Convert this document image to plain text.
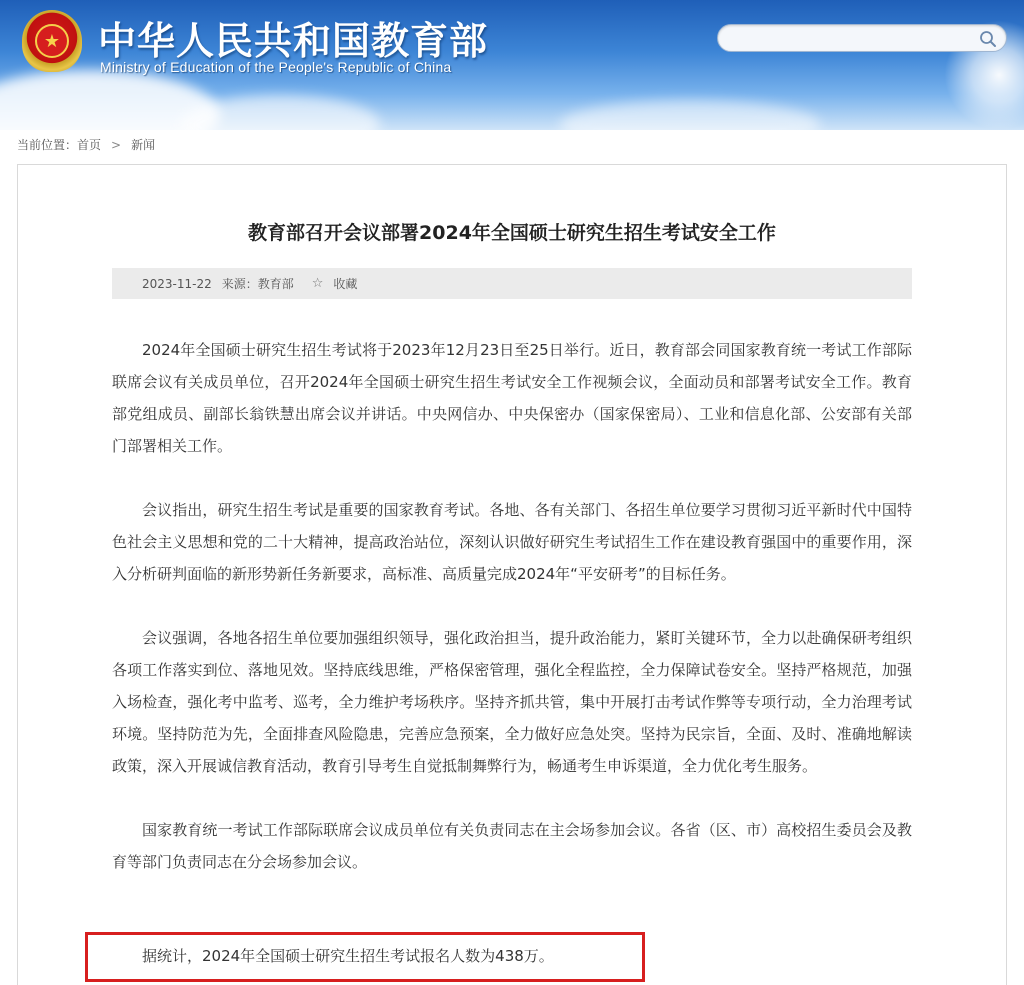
★ 中华人民共和国教育部
Ministry of Education of the People's Republic of China
当前位置： 首页 > 新闻
教育部召开会议部署2024年全国硕士研究生招生考试安全工作
2023-11-22 来源：教育部 ☆ 收藏

2024年全国硕士研究生招生考试将于2023年12月23日至25日举行。近日，教育部会同国家教育统一考试工作部际联席会议有关成员单位，召开2024年全国硕士研究生招生考试安全工作视频会议，全面动员和部署考试安全工作。教育部党组成员、副部长翁铁慧出席会议并讲话。中央网信办、中央保密办（国家保密局）、工业和信息化部、公安部有关部门部署相关工作。

会议指出，研究生招生考试是重要的国家教育考试。各地、各有关部门、各招生单位要学习贯彻习近平新时代中国特色社会主义思想和党的二十大精神，提高政治站位，深刻认识做好研究生考试招生工作在建设教育强国中的重要作用，深入分析研判面临的新形势新任务新要求，高标准、高质量完成2024年“平安研考”的目标任务。

会议强调，各地各招生单位要加强组织领导，强化政治担当，提升政治能力，紧盯关键环节，全力以赴确保研考组织各项工作落实到位、落地见效。坚持底线思维，严格保密管理，强化全程监控，全力保障试卷安全。坚持严格规范，加强入场检查，强化考中监考、巡考，全力维护考场秩序。坚持齐抓共管，集中开展打击考试作弊等专项行动，全力治理考试环境。坚持防范为先，全面排查风险隐患，完善应急预案，全力做好应急处突。坚持为民宗旨，全面、及时、准确地解读政策，深入开展诚信教育活动，教育引导考生自觉抵制舞弊行为，畅通考生申诉渠道，全力优化考生服务。

国家教育统一考试工作部际联席会议成员单位有关负责同志在主会场参加会议。各省（区、市）高校招生委员会及教育等部门负责同志在分会场参加会议。

据统计，2024年全国硕士研究生招生考试报名人数为438万。
